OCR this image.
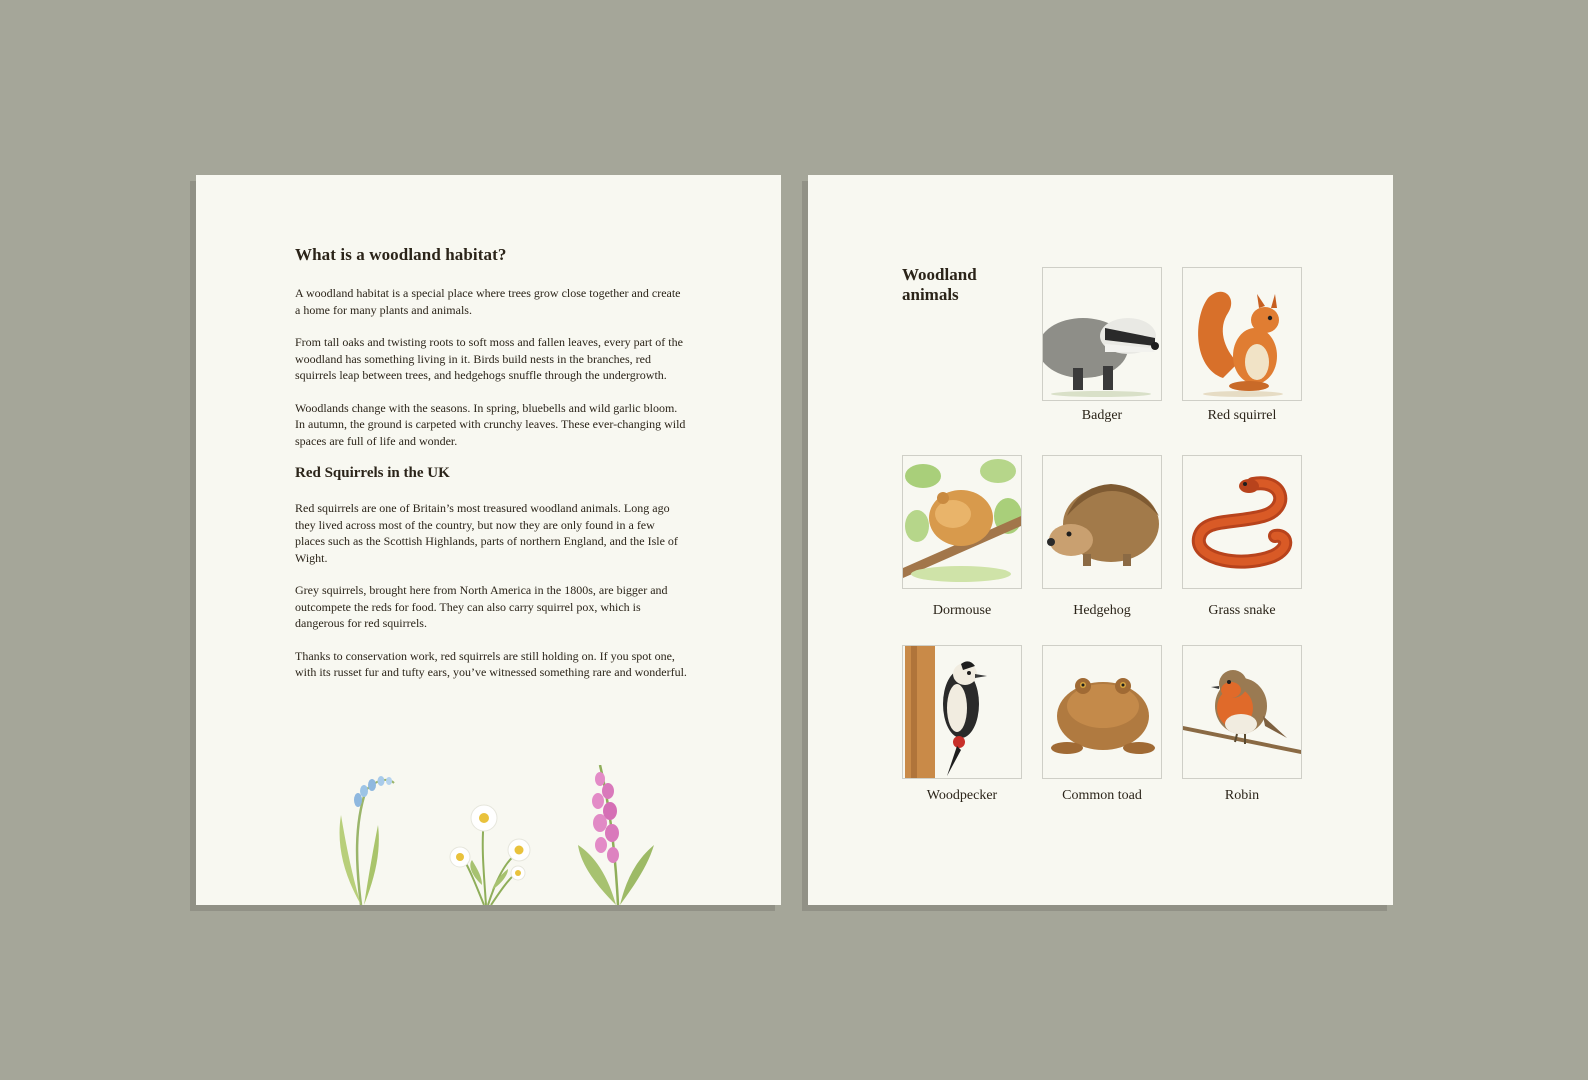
What is a woodland habitat?

A woodland habitat is a special place where trees grow close together and create a home for many plants and animals.

From tall oaks and twisting roots to soft moss and fallen leaves, every part of the woodland has something living in it. Birds build nests in the branches, red squirrels leap between trees, and hedgehogs snuffle through the undergrowth.

Woodlands change with the seasons. In spring, bluebells and wild garlic bloom. In autumn, the ground is carpeted with crunchy leaves. These ever-changing wild spaces are full of life and wonder.

Red Squirrels in the UK

Red squirrels are one of Britain’s most treasured woodland animals. Long ago they lived across most of the country, but now they are only found in a few places such as the Scottish Highlands, parts of northern England, and the Isle of Wight.

Grey squirrels, brought here from North America in the 1800s, are bigger and outcompete the reds for food. They can also carry squirrel pox, which is dangerous for red squirrels.

Thanks to conservation work, red squirrels are still holding on. If you spot one, with its russet fur and tufty ears, you’ve witnessed something rare and wonderful.

Woodland animals
Badger	Red squirrel
Dormouse	Hedgehog	Grass snake
Woodpecker	Common toad	Robin
